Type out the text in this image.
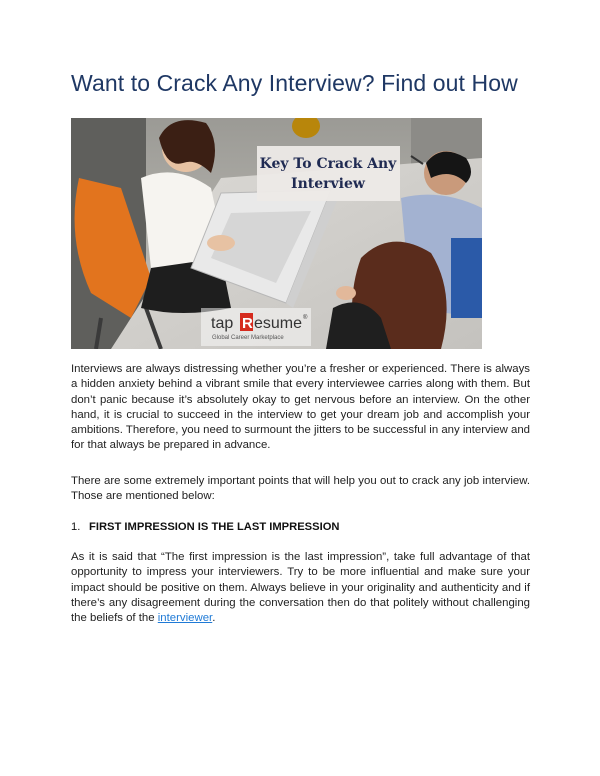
Want to Crack Any Interview? Find out How
Key To Crack Any
Interview
tap R esume ®
Global Career Marketplace

Interviews are always distressing whether you’re a fresher or experienced. There is always a hidden anxiety behind a vibrant smile that every interviewee carries along with them. But don’t panic because it’s absolutely okay to get nervous before an interview. On the other hand, it is crucial to succeed in the interview to get your dream job and accomplish your ambitions. Therefore, you need to surmount the jitters to be successful in any interview and for that always be prepared in advance.

There are some extremely important points that will help you out to crack any job interview. Those are mentioned below:

1. FIRST IMPRESSION IS THE LAST IMPRESSION

As it is said that “The first impression is the last impression”, take full advantage of that opportunity to impress your interviewers. Try to be more influential and make sure your impact should be positive on them. Always believe in your originality and authenticity and if there’s any disagreement during the conversation then do that politely without challenging the beliefs of the interviewer.
